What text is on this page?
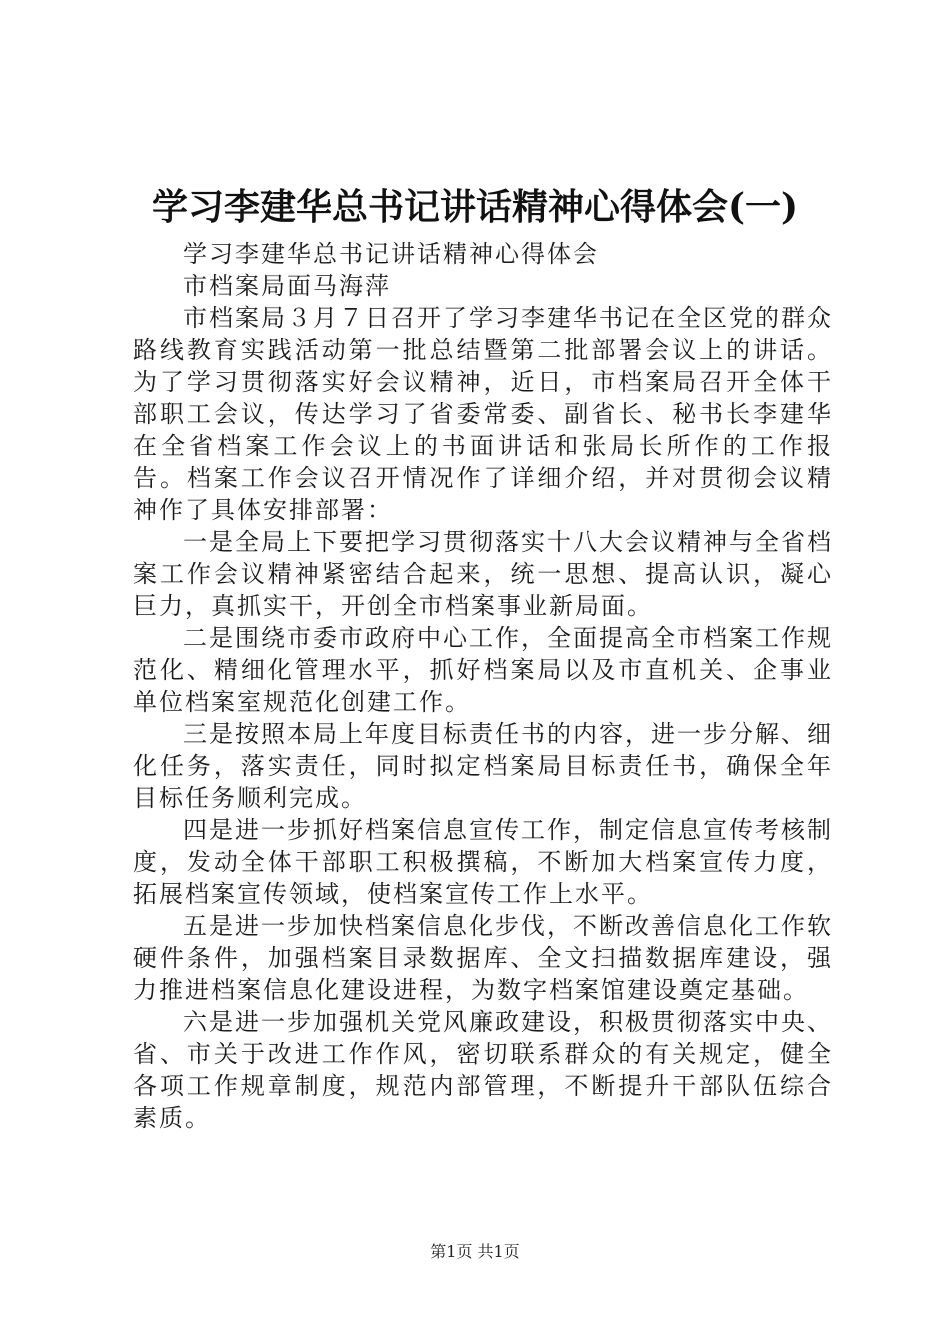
学习李建华总书记讲话精神心得体会(一)
学习李建华总书记讲话精神心得体会
市档案局面马海萍

市档案局３月７日召开了学习李建华书记在全区党的群众路线教育实践活动第一批总结暨第二批部署会议上的讲话。为了学习贯彻落实好会议精神，近日，市档案局召开全体干部职工会议，传达学习了省委常委、副省长、秘书长李建华在全省档案工作会议上的书面讲话和张局长所作的工作报告。档案工作会议召开情况作了详细介绍，并对贯彻会议精神作了具体安排部署：

一是全局上下要把学习贯彻落实十八大会议精神与全省档案工作会议精神紧密结合起来，统一思想、提高认识，凝心巨力，真抓实干，开创全市档案事业新局面。

二是围绕市委市政府中心工作，全面提高全市档案工作规范化、精细化管理水平，抓好档案局以及市直机关、企事业单位档案室规范化创建工作。

三是按照本局上年度目标责任书的内容，进一步分解、细化任务，落实责任，同时拟定档案局目标责任书，确保全年目标任务顺利完成。

四是进一步抓好档案信息宣传工作，制定信息宣传考核制度，发动全体干部职工积极撰稿，不断加大档案宣传力度，拓展档案宣传领域，使档案宣传工作上水平。

五是进一步加快档案信息化步伐，不断改善信息化工作软硬件条件，加强档案目录数据库、全文扫描数据库建设，强力推进档案信息化建设进程，为数字档案馆建设奠定基础。

六是进一步加强机关党风廉政建设，积极贯彻落实中央、省、市关于改进工作作风，密切联系群众的有关规定，健全各项工作规章制度，规范内部管理，不断提升干部队伍综合素质。

第1页 共1页
